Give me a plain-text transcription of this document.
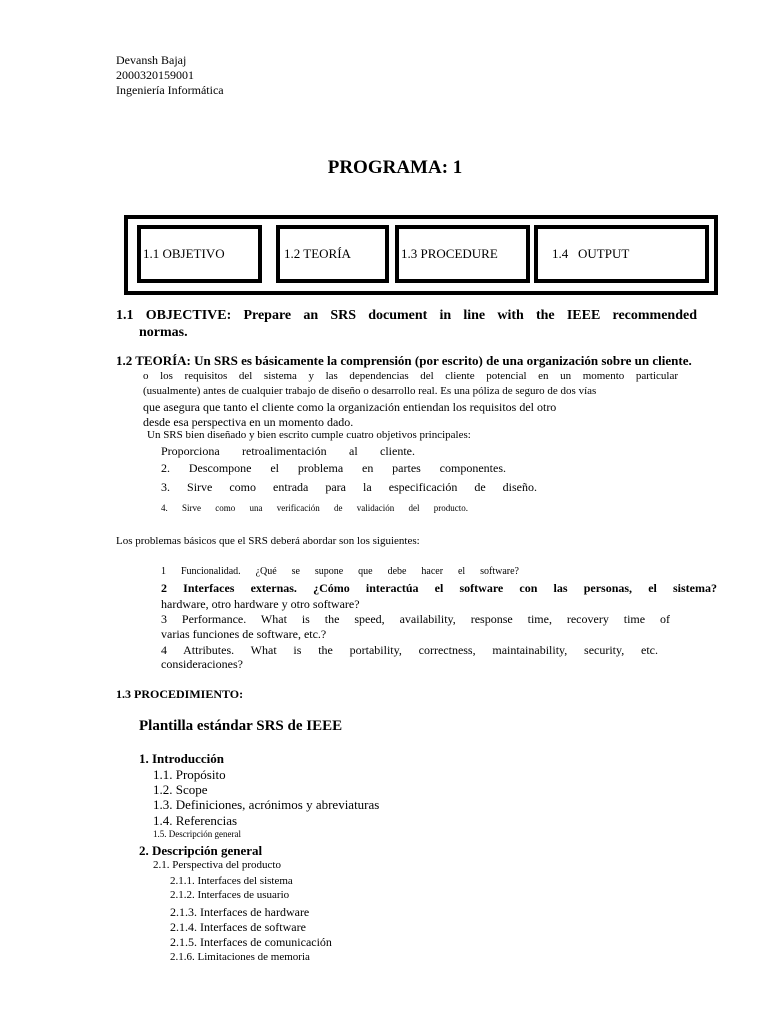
Devansh Bajaj
2000320159001
Ingeniería Informática
PROGRAMA: 1
1.1 OBJETIVO	1.2 TEORÍA	1.3 PROCEDURE	1.4   OUTPUT
1.1 OBJECTIVE: Prepare an SRS document in line with the IEEE recommended
normas.
1.2 TEORÍA: Un SRS es básicamente la comprensión (por escrito) de una organización sobre un cliente.
o los requisitos del sistema y las dependencias del cliente potencial en un momento particular
(usualmente) antes de cualquier trabajo de diseño o desarrollo real. Es una póliza de seguro de dos vías
que asegura que tanto el cliente como la organización entiendan los requisitos del otro
desde esa perspectiva en un momento dado.
Un SRS bien diseñado y bien escrito cumple cuatro objetivos principales:
Proporciona retroalimentación al cliente.
2. Descompone el problema en partes componentes.
3. Sirve como entrada para la especificación de diseño.
4. Sirve como una verificación de validación del producto.
Los problemas básicos que el SRS deberá abordar son los siguientes:
1 Funcionalidad. ¿Qué se supone que debe hacer el software?
2 Interfaces externas. ¿Cómo interactúa el software con las personas, el sistema?
hardware, otro hardware y otro software?
3 Performance. What is the speed, availability, response time, recovery time of
varias funciones de software, etc.?
4 Attributes. What is the portability, correctness, maintainability, security, etc.
consideraciones?
1.3 PROCEDIMIENTO:
Plantilla estándar SRS de IEEE
1. Introducción
1.1. Propósito
1.2. Scope
1.3. Definiciones, acrónimos y abreviaturas
1.4. Referencias
1.5. Descripción general
2. Descripción general
2.1. Perspectiva del producto
2.1.1. Interfaces del sistema
2.1.2. Interfaces de usuario
2.1.3. Interfaces de hardware
2.1.4. Interfaces de software
2.1.5. Interfaces de comunicación
2.1.6. Limitaciones de memoria
